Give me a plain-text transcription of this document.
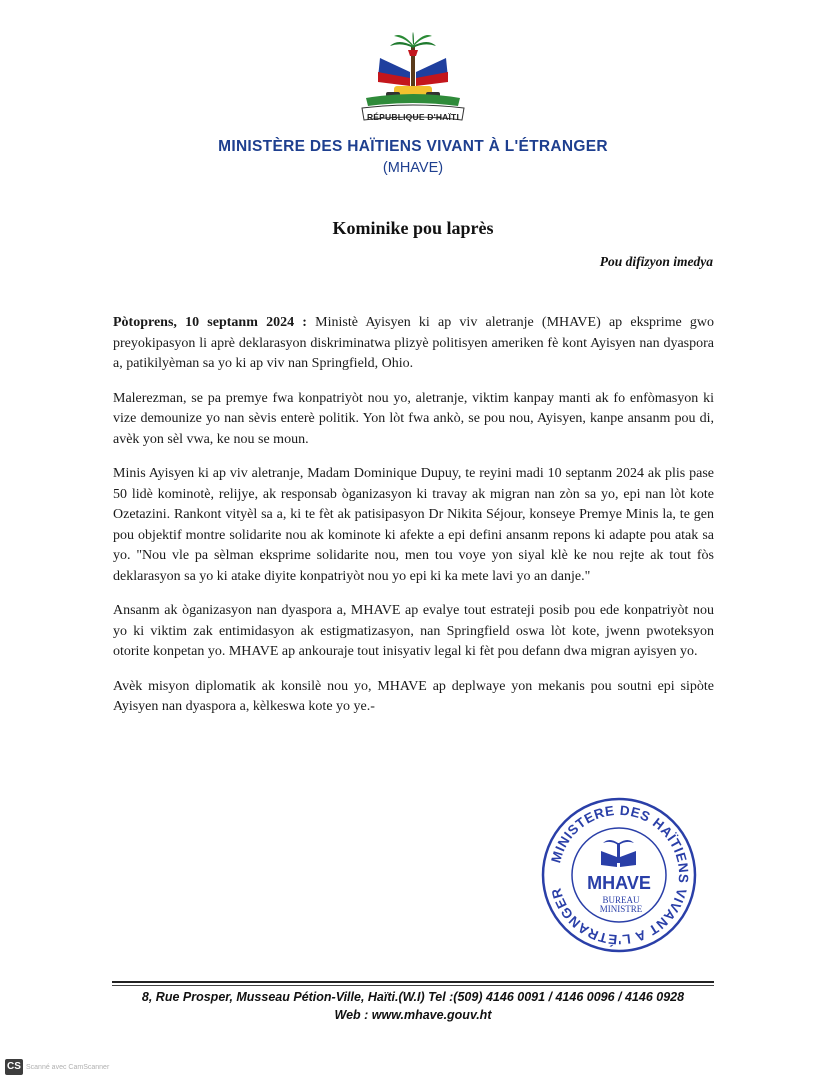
RÉPUBLIQUE D'HAÏTI
MINISTÈRE DES HAÏTIENS VIVANT À L'ÉTRANGER
(MHAVE)
Kominike pou laprès
Pou difizyon imedya

Pòtoprens, 10 septanm 2024 : Ministè Ayisyen ki ap viv aletranje (MHAVE) ap eksprime gwo preyokipasyon li aprè deklarasyon diskriminatwa plizyè politisyen ameriken fè kont Ayisyen nan dyaspora a, patikilyèman sa yo ki ap viv nan Springfield, Ohio.

Malerezman, se pa premye fwa konpatriyòt nou yo, aletranje, viktim kanpay manti ak fo enfòmasyon ki vize demounize yo nan sèvis enterè politik. Yon lòt fwa ankò, se pou nou, Ayisyen, kanpe ansanm pou di, avèk yon sèl vwa, ke nou se moun.

Minis Ayisyen ki ap viv aletranje, Madam Dominique Dupuy, te reyini madi 10 septanm 2024 ak plis pase 50 lidè kominotè, relijye, ak responsab òganizasyon ki travay ak migran nan zòn sa yo, epi nan lòt kote Ozetazini. Rankont vityèl sa a, ki te fèt ak patisipasyon Dr Nikita Séjour, konseye Premye Minis la, te gen pou objektif montre solidarite nou ak kominote ki afekte a epi defini ansanm repons ki adapte pou atak sa yo. "Nou vle pa sèlman eksprime solidarite nou, men tou voye yon siyal klè ke nou rejte ak tout fòs deklarasyon sa yo ki atake diyite konpatriyòt nou yo epi ki ka mete lavi yo an danje."

Ansanm ak òganizasyon nan dyaspora a, MHAVE ap evalye tout estrateji posib pou ede konpatriyòt nou yo ki viktim zak entimidasyon ak estigmatizasyon, nan Springfield oswa lòt kote, jwenn pwoteksyon otorite konpetan yo. MHAVE ap ankouraje tout inisyativ legal ki fèt pou defann dwa migran ayisyen yo.

Avèk misyon diplomatik ak konsilè nou yo, MHAVE ap deplwaye yon mekanis pou soutni epi sipòte Ayisyen nan dyaspora a, kèlkeswa kote yo ye.-

MINISTERE DES HAÏTIENS VIVANT A L'ÉTRANGER
MHAVE
BUREAU
MINISTRE
8, Rue Prosper, Musseau Pétion-Ville, Haïti.(W.I) Tel :(509) 4146 0091 / 4146 0096 / 4146 0928
Web : www.mhave.gouv.ht
CS Scanné avec CamScanner
